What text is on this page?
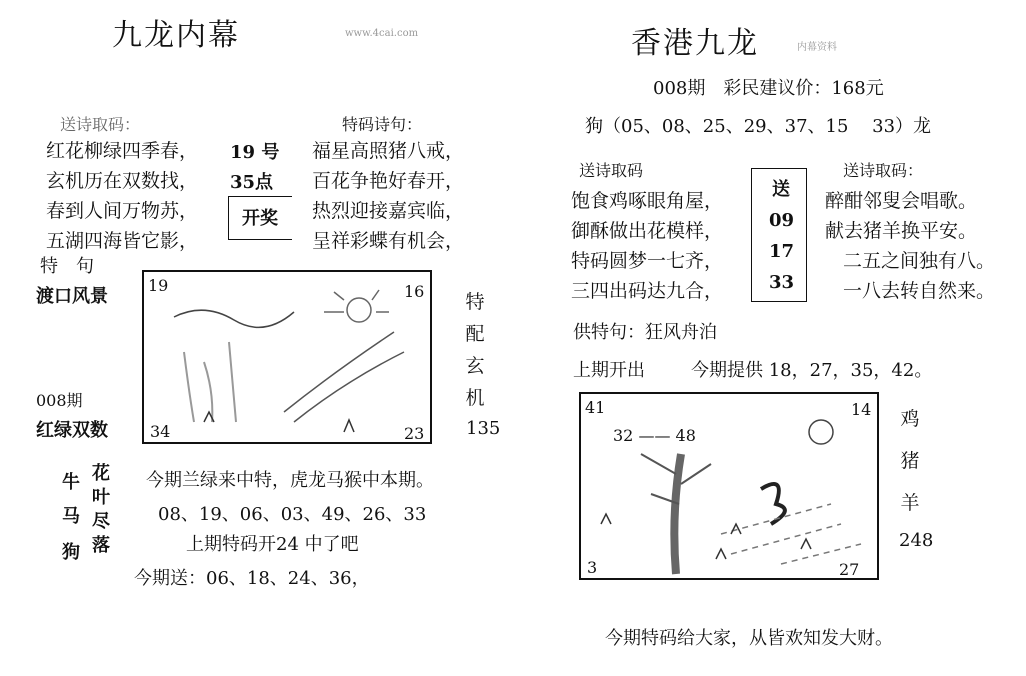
九龙内幕	www.4cai.com
送诗取码：
红花柳绿四季春，
玄机历在双数找，
春到人间万物苏，
五湖四海皆它影，
19 号
35点
开奖
特码诗句：
福星高照猪八戒，
百花争艳好春开，
热烈迎接嘉宾临，
呈祥彩蝶有机会，
特　句
渡口风景
008期
红绿双数
19	16
34	23
特
配
玄
机
135
牛
马
狗
花
叶
尽
落
今期兰绿来中特，虎龙马猴中本期。
08、19、06、03、49、26、33
上期特码开24 中了吧
今期送：06、18、24、36，
香港九龙	内幕资料
008期　彩民建议价：168元
狗（05、08、25、29、37、15　 33）龙
送诗取码	送诗取码：
饱食鸡啄眼角屋，
御酥做出花模样，
特码圆梦一七齐，
三四出码达九合，
送
09
17
33
醉酣邻叟会唱歌。
献去猪羊换平安。
二五之间独有八。
一八去转自然来。
供特句：狂风舟泊
上期开出	今期提供 18，27，35，42。
41	14
3	27
32 —— 48
鸡
猪
羊
248
今期特码给大家，从皆欢知发大财。
